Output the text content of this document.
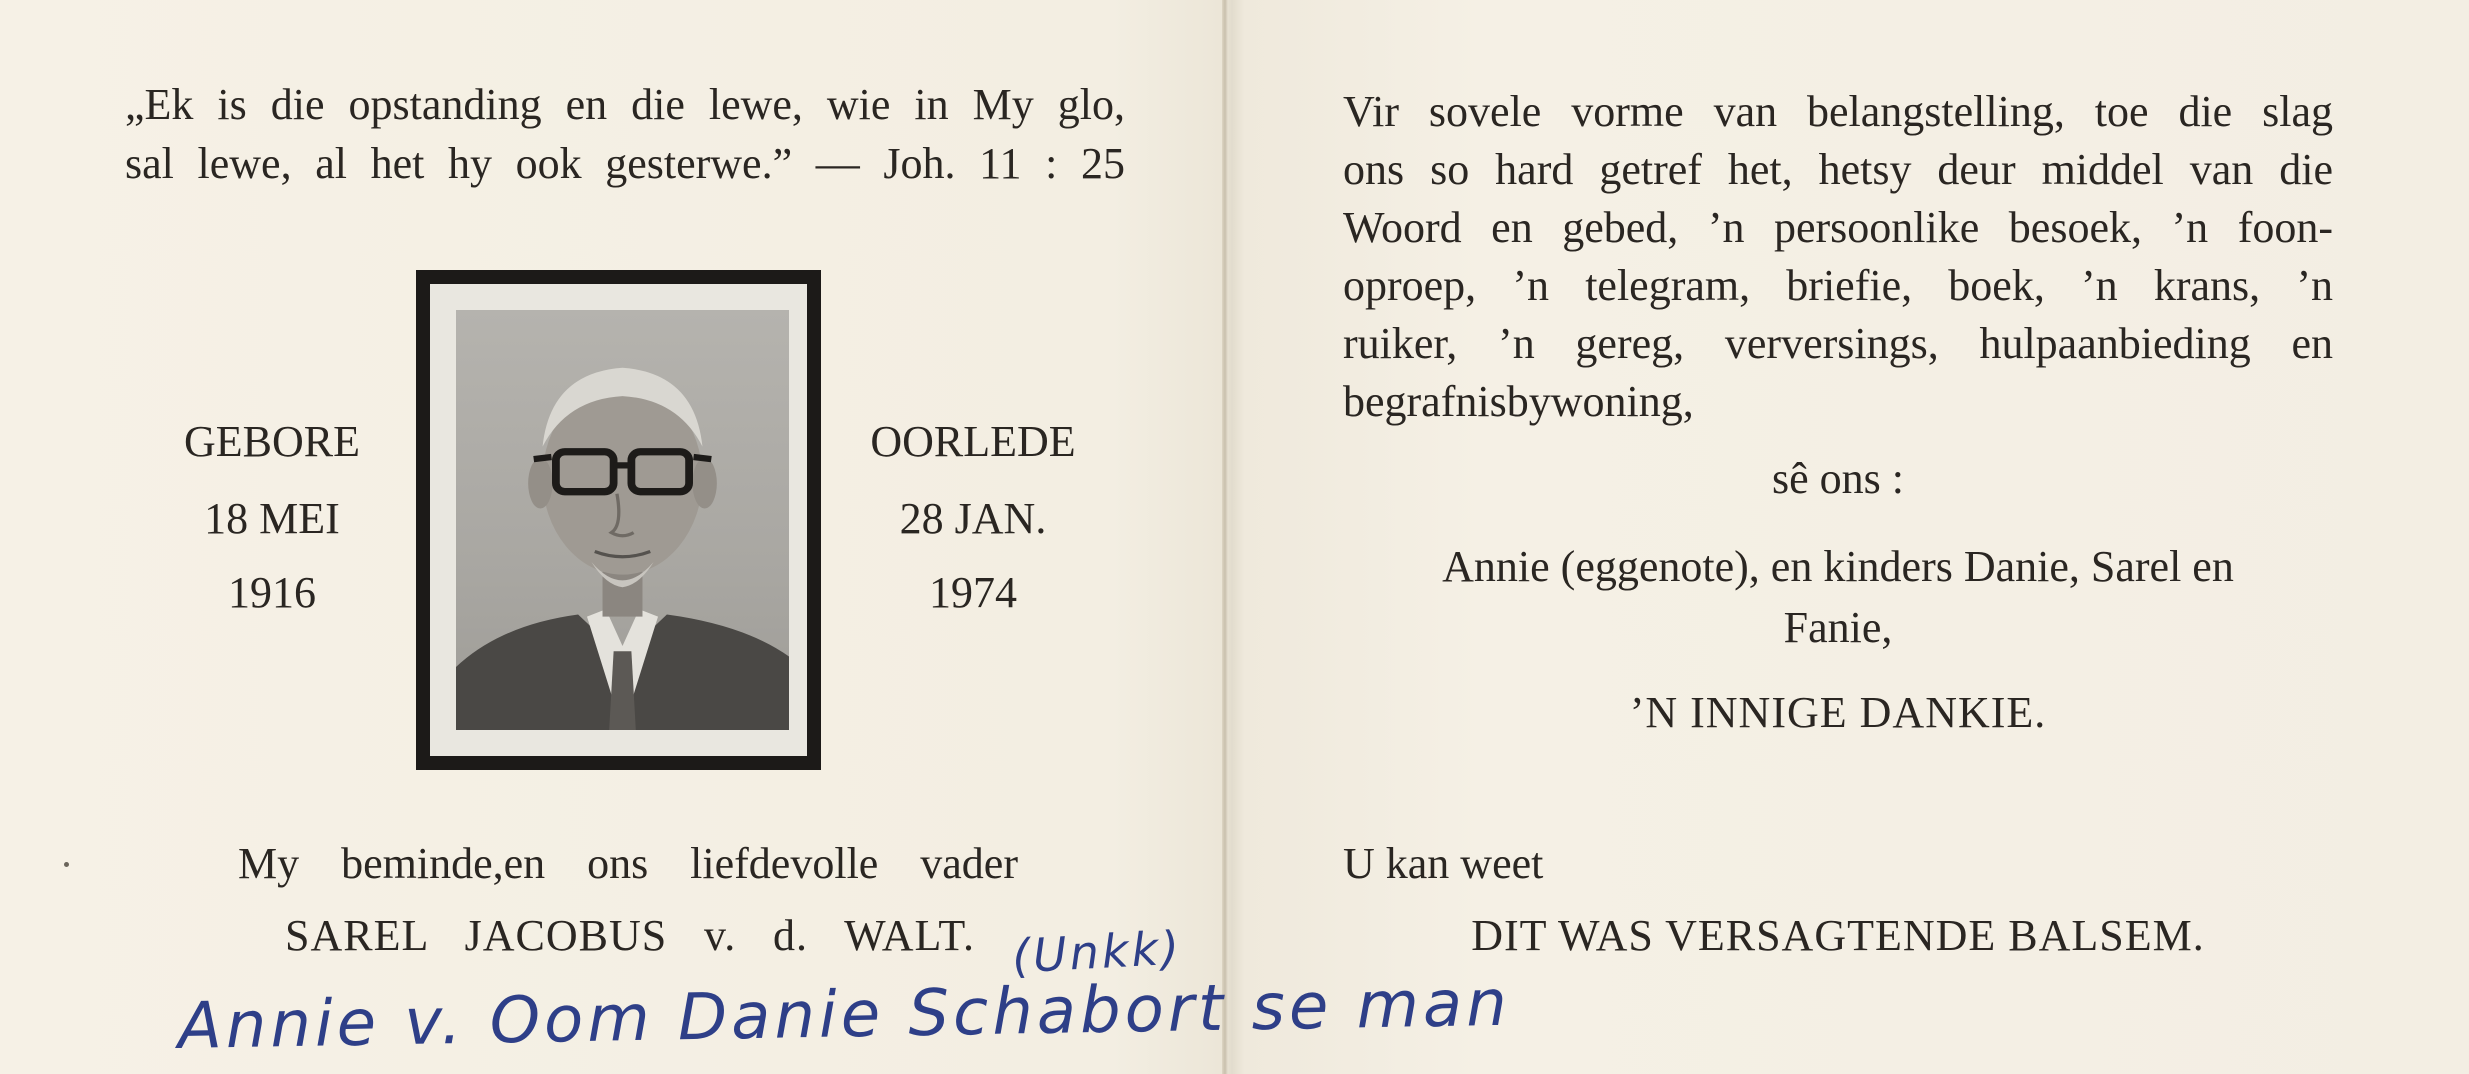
„Ek is die opstanding en die lewe, wie in My glo,
sal lewe, al het hy ook gesterwe.” — Joh. 11 : 25
GEBORE
18 MEI
1916
OORLEDE
28 JAN.
1974
My beminde,en ons liefdevolle vader
SAREL JACOBUS v. d. WALT.
Vir sovele vorme van belangstelling, toe die slag
ons so hard getref het, hetsy deur middel van die
Woord en gebed, ’n persoonlike besoek, ’n foon-
oproep, ’n telegram, briefie, boek, ’n krans, ’n
ruiker, ’n gereg, verversings, hulpaanbieding en
begrafnisbywoning,
sê ons :
Annie (eggenote), en kinders Danie, Sarel en
Fanie,
’N INNIGE DANKIE.
U kan weet
DIT WAS VERSAGTENDE BALSEM.
(Unkk)
Annie v. Oom Danie Schabort se man
